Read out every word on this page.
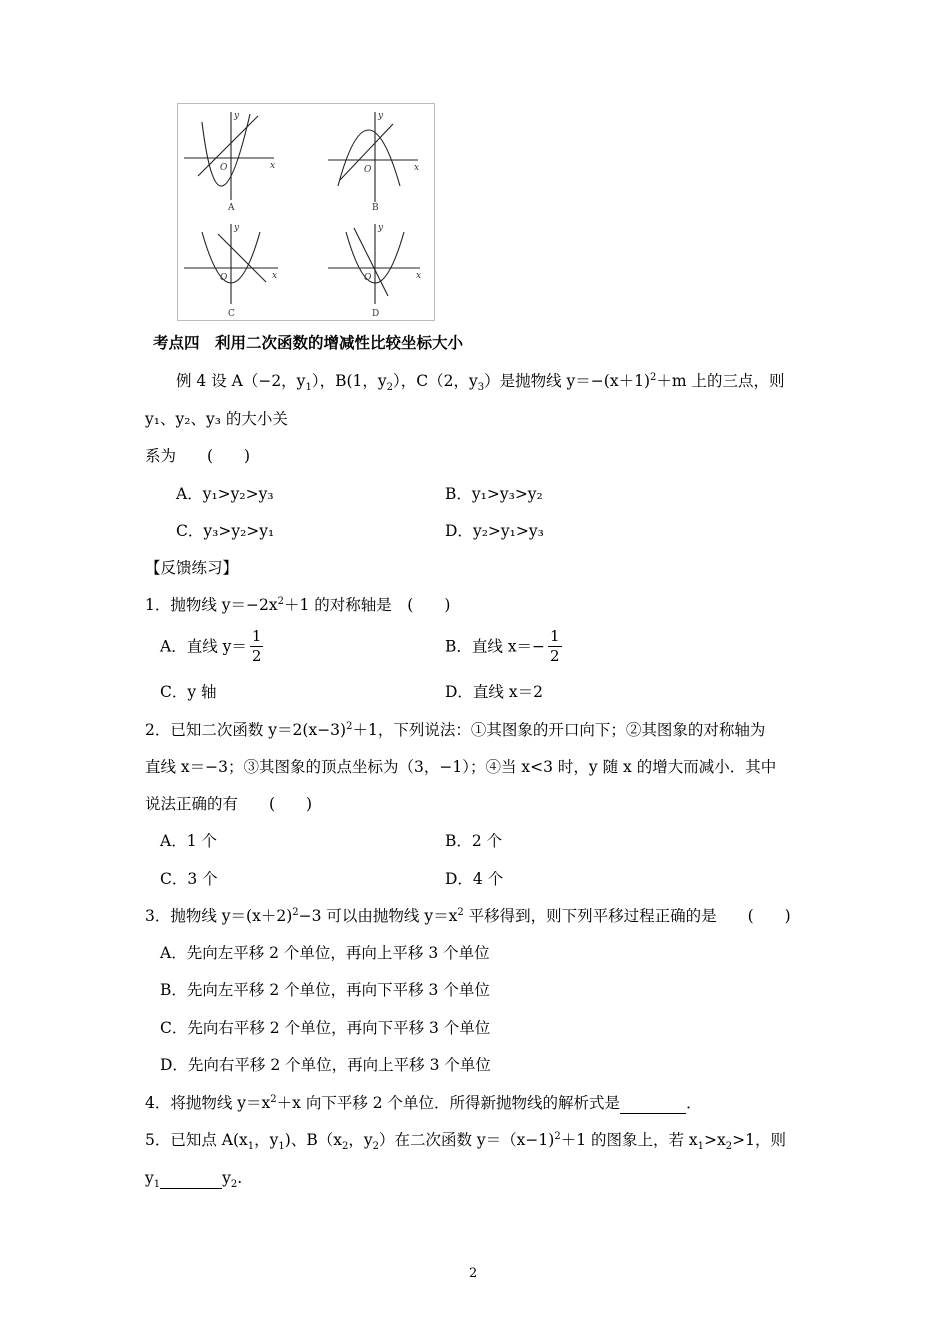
y
x
O
y
x
O
y
x
O
y
x
O
A	B
C	D
考点四　利用二次函数的增减性比较坐标大小
例 4 设 A（−2，$y_1$），B(1，$y_2$），C（2，$y_3$）是抛物线 $y=-(x+1)^2+m$ 上的三点，则
y₁、y₂、y₃ 的大小关
系为　　(　　)
A．y₁>y₂>y₃	B．y₁>y₃>y₂
C．y₃>y₂>y₁	D．y₂>y₁>y₃
【反馈练习】
1．抛物线 $y=-2x^2+1$ 的对称轴是　(　　)
A．直线 $y= \frac{1}{2}$	B．直线 $x=- \frac{1}{2}$
C．y 轴	D．直线 x＝2
2．已知二次函数 $y=2(x-3)^2+1$，下列说法：①其图象的开口向下；②其图象的对称轴为
直线 x＝−3；③其图象的顶点坐标为（3，−1）；④当 x<3 时，y 随 x 的增大而减小．其中
说法正确的有　　(　　)
A．1 个	B．2 个
C．3 个	D．4 个
3．抛物线 $y=(x+2)^2-3$ 可以由抛物线 $y=x^2$ 平移得到，则下列平移过程正确的是　　(　　)
A．先向左平移 2 个单位，再向上平移 3 个单位
B．先向左平移 2 个单位，再向下平移 3 个单位
C．先向右平移 2 个单位，再向下平移 3 个单位
D．先向右平移 2 个单位，再向上平移 3 个单位
4．将抛物线 $y=x^2+x$ 向下平移 2 个单位．所得新抛物线的解析式是	．
5．已知点 $A(x_1$，$y_1$)、$B(x_2$，$y_2$）在二次函数 y＝（x−1)$^2$＋1 的图象上，若 $x_1>x_2>1$，则
$y_1$	$y_2$.
2
